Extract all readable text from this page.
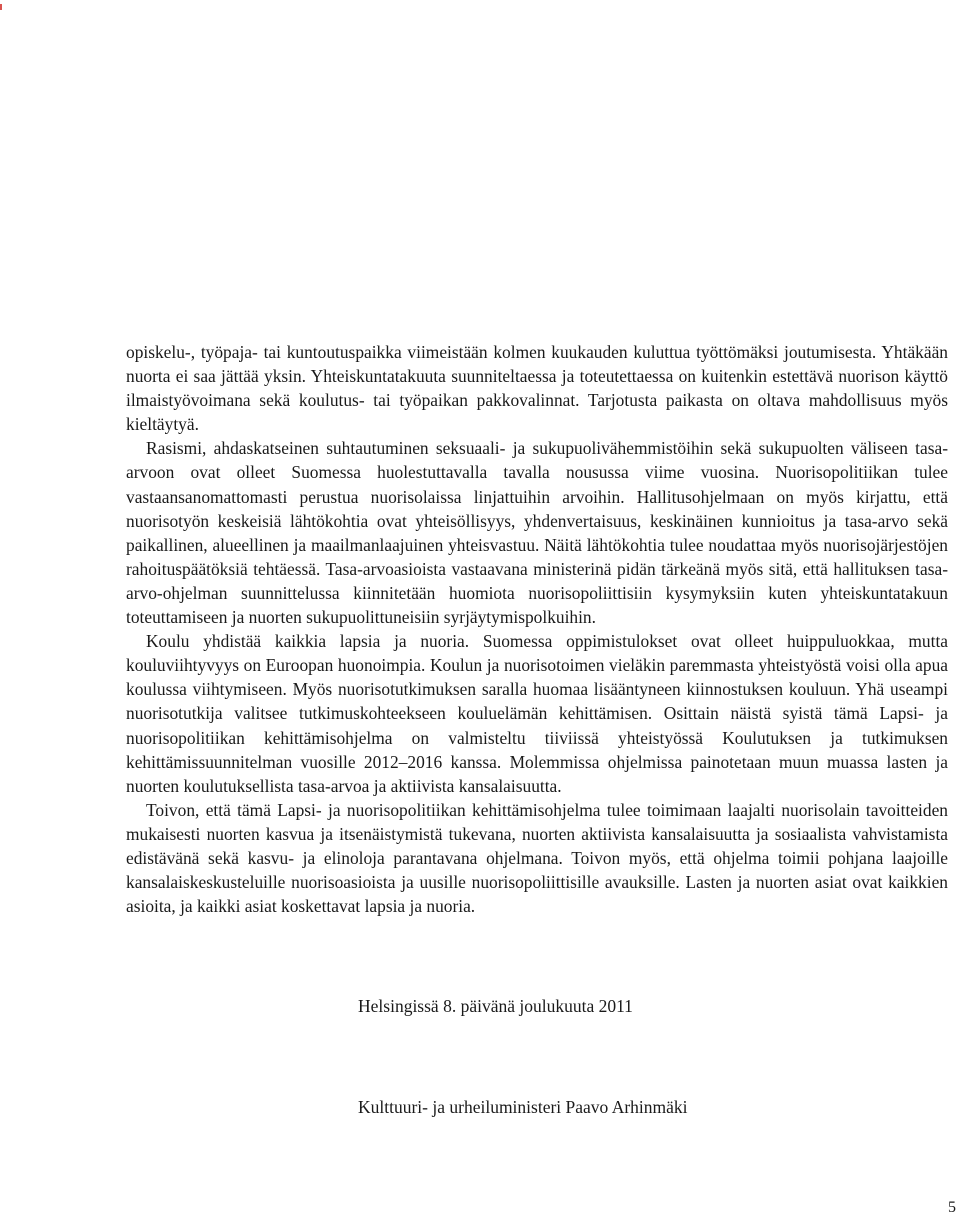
opiskelu-, työpaja- tai kuntoutuspaikka viimeistään kolmen kuukauden kuluttua työttömäksi joutumisesta. Yhtäkään nuorta ei saa jättää yksin. Yhteiskuntatakuuta suunniteltaessa ja toteutettaessa on kuitenkin estettävä nuorison käyttö ilmaistyövoimana sekä koulutus- tai työpaikan pakkovalinnat. Tarjotusta paikasta on oltava mahdollisuus myös kieltäytyä.

Rasismi, ahdaskatseinen suhtautuminen seksuaali- ja sukupuolivähemmistöihin sekä sukupuolten väliseen tasa-arvoon ovat olleet Suomessa huolestuttavalla tavalla nousussa viime vuosina. Nuorisopolitiikan tulee vastaansanomattomasti perustua nuorisolaissa linjattuihin arvoihin. Hallitusohjelmaan on myös kirjattu, että nuorisotyön keskeisiä lähtökohtia ovat yhteisöllisyys, yhdenvertaisuus, keskinäinen kunnioitus ja tasa-arvo sekä paikallinen, alueellinen ja maailmanlaajuinen yhteisvastuu. Näitä lähtökohtia tulee noudattaa myös nuorisojärjestöjen rahoituspäätöksiä tehtäessä. Tasa-arvoasioista vastaavana ministerinä pidän tärkeänä myös sitä, että hallituksen tasa-arvo-ohjelman suunnittelussa kiinnitetään huomiota nuorisopoliittisiin kysymyksiin kuten yhteiskuntatakuun toteuttamiseen ja nuorten sukupuolittuneisiin syrjäytymispolkuihin.

Koulu yhdistää kaikkia lapsia ja nuoria. Suomessa oppimistulokset ovat olleet huippuluokkaa, mutta kouluviihtyvyys on Euroopan huonoimpia. Koulun ja nuorisotoimen vieläkin paremmasta yhteistyöstä voisi olla apua koulussa viihtymiseen. Myös nuorisotutkimuksen saralla huomaa lisääntyneen kiinnostuksen kouluun. Yhä useampi nuorisotutkija valitsee tutkimuskohteekseen kouluelämän kehittämisen. Osittain näistä syistä tämä Lapsi- ja nuorisopolitiikan kehittämisohjelma on valmisteltu tiiviissä yhteistyössä Koulutuksen ja tutkimuksen kehittämissuunnitelman vuosille 2012–2016 kanssa. Molemmissa ohjelmissa painotetaan muun muassa lasten ja nuorten koulutuksellista tasa-arvoa ja aktiivista kansalaisuutta.

Toivon, että tämä Lapsi- ja nuorisopolitiikan kehittämisohjelma tulee toimimaan laajalti nuorisolain tavoitteiden mukaisesti nuorten kasvua ja itsenäistymistä tukevana, nuorten aktiivista kansalaisuutta ja sosiaalista vahvistamista edistävänä sekä kasvu- ja elinoloja parantavana ohjelmana. Toivon myös, että ohjelma toimii pohjana laajoille kansalaiskeskusteluille nuorisoasioista ja uusille nuorisopoliittisille avauksille. Lasten ja nuorten asiat ovat kaikkien asioita, ja kaikki asiat koskettavat lapsia ja nuoria.

Helsingissä 8. päivänä joulukuuta 2011
Kulttuuri- ja urheiluministeri Paavo Arhinmäki
5
